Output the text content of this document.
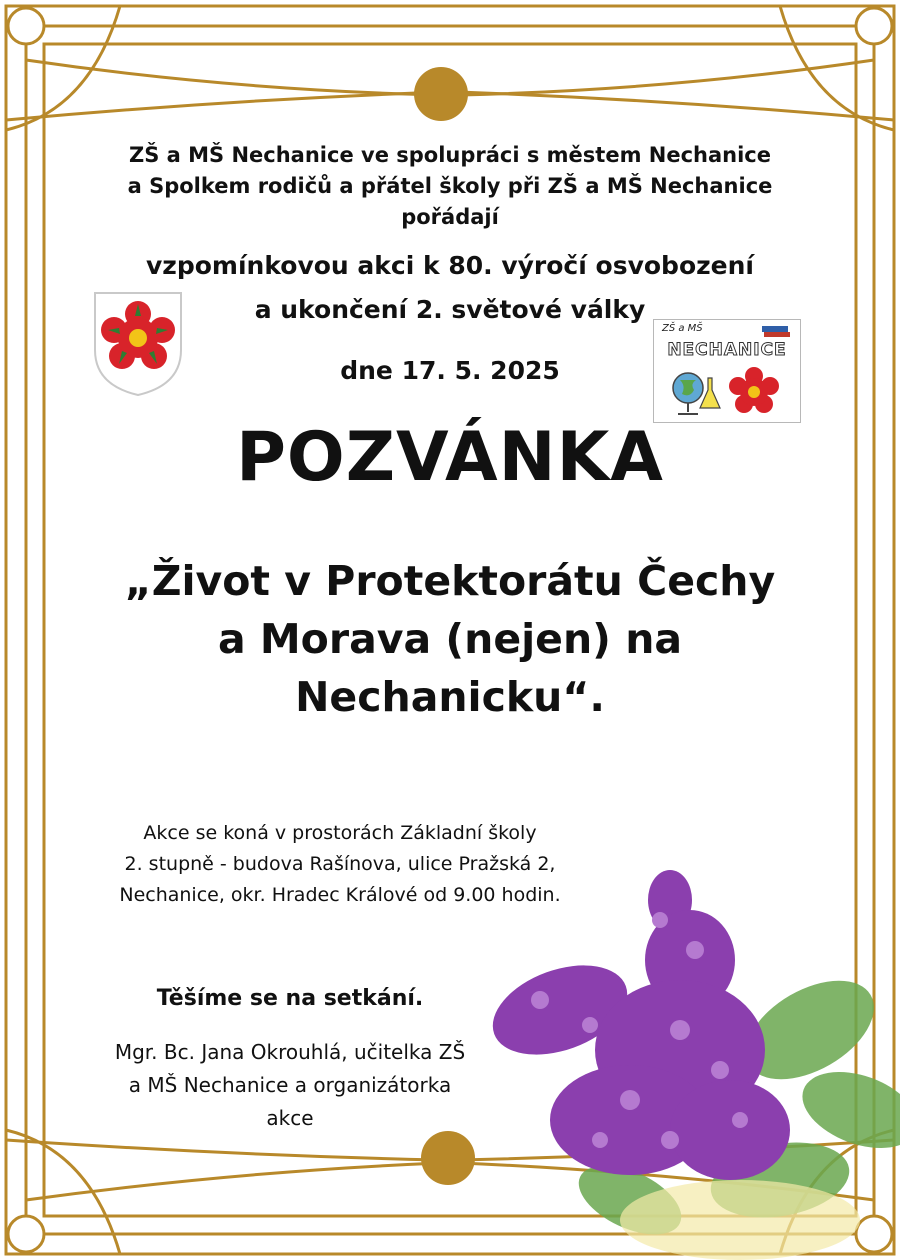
ZŠ a MŠ
NECHANICE
ZŠ a MŠ Nechanice ve spolupráci s městem Nechanice
a Spolkem rodičů a přátel školy při ZŠ a MŠ Nechanice
pořádají
vzpomínkovou akci k 80. výročí osvobození
a ukončení 2. světové války
dne 17. 5. 2025
POZVÁNKA
„Život v Protektorátu Čechy
a Morava (nejen) na
Nechanicku“.
Akce se koná v prostorách Základní školy
2. stupně - budova Rašínova, ulice Pražská 2,
Nechanice, okr. Hradec Králové od 9.00 hodin.
Těšíme se na setkání.
Mgr. Bc. Jana Okrouhlá, učitelka ZŠ
a MŠ Nechanice a organizátorka
akce
